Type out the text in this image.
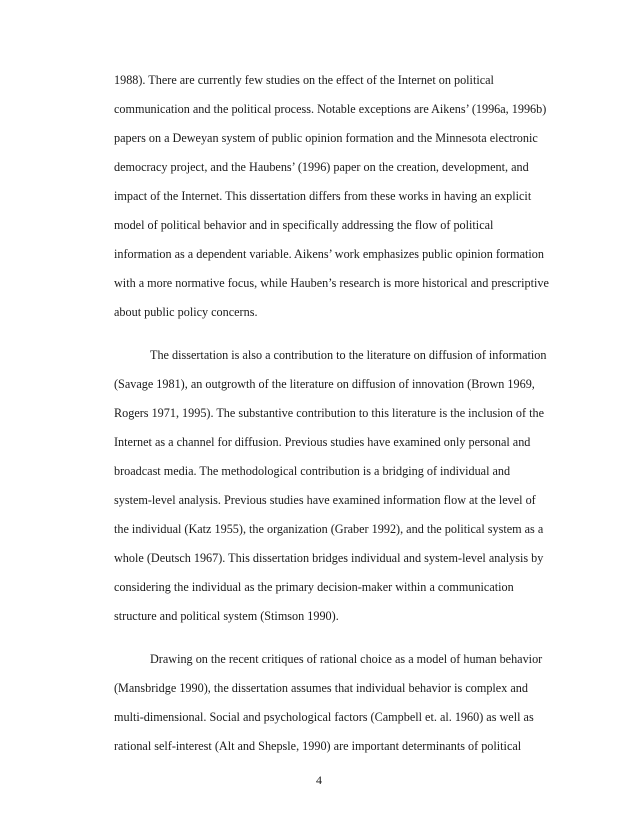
1988). There are currently few studies on the effect of the Internet on political
communication and the political process. Notable exceptions are Aikens’ (1996a, 1996b)
papers on a Deweyan system of public opinion formation and the Minnesota electronic
democracy project, and the Haubens’ (1996) paper on the creation, development, and
impact of the Internet. This dissertation differs from these works in having an explicit
model of political behavior and in specifically addressing the flow of political
information as a dependent variable. Aikens’ work emphasizes public opinion formation
with a more normative focus, while Hauben’s research is more historical and prescriptive
about public policy concerns.
The dissertation is also a contribution to the literature on diffusion of information
(Savage 1981), an outgrowth of the literature on diffusion of innovation (Brown 1969,
Rogers 1971, 1995). The substantive contribution to this literature is the inclusion of the
Internet as a channel for diffusion. Previous studies have examined only personal and
broadcast media. The methodological contribution is a bridging of individual and
system-level analysis. Previous studies have examined information flow at the level of
the individual (Katz 1955), the organization (Graber 1992), and the political system as a
whole (Deutsch 1967). This dissertation bridges individual and system-level analysis by
considering the individual as the primary decision-maker within a communication
structure and political system (Stimson 1990).
Drawing on the recent critiques of rational choice as a model of human behavior
(Mansbridge 1990), the dissertation assumes that individual behavior is complex and
multi-dimensional. Social and psychological factors (Campbell et. al. 1960) as well as
rational self-interest (Alt and Shepsle, 1990) are important determinants of political
4
